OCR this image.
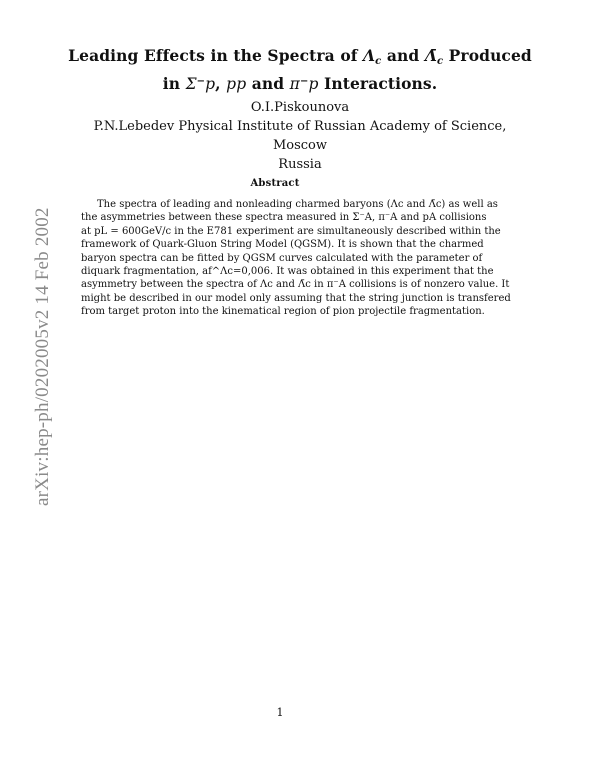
Leading Effects in the Spectra of $\Lambda_c$ and $\Lambdā_c$ Produced
in Σ−p, pp and π−p Interactions.
O.I.Piskounova
P.N.Lebedev Physical Institute of Russian Academy of Science,
Moscow
Russia
Abstract
The spectra of leading and nonleading charmed baryons (Λc and Λ̄c) as well as
the asymmetries between these spectra measured in Σ⁻A, π⁻A and pA collisions
at pL = 600GeV/c in the E781 experiment are simultaneously described within the
framework of Quark-Gluon String Model (QGSM). It is shown that the charmed
baryon spectra can be fitted by QGSM curves calculated with the parameter of
diquark fragmentation, af^Λc=0,006. It was obtained in this experiment that the
asymmetry between the spectra of Λc and Λ̄c in π⁻A collisions is of nonzero value. It
might be described in our model only assuming that the string junction is transfered
from target proton into the kinematical region of pion projectile fragmentation.
arXiv:hep-ph/0202005v2 14 Feb 2002
1
